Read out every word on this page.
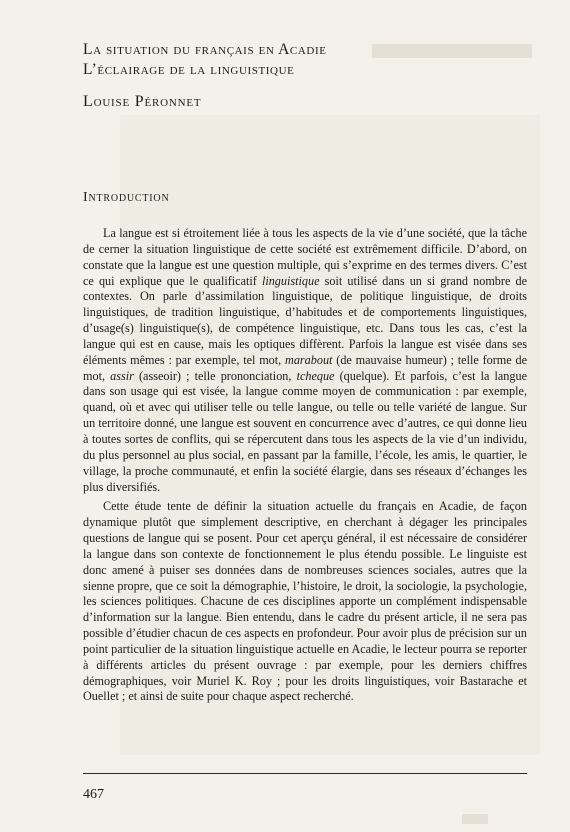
La situation du français en Acadie
L’éclairage de la linguistique
Louise Péronnet
Introduction

La langue est si étroitement liée à tous les aspects de la vie d’une société, que la tâche de cerner la situation linguistique de cette société est extrêmement difficile. D’abord, on constate que la langue est une question multiple, qui s’exprime en des termes divers. C’est ce qui explique que le qualificatif linguistique soit utilisé dans un si grand nombre de contextes. On parle d’assimilation linguistique, de politique linguistique, de droits linguistiques, de tradition linguistique, d’habitudes et de comportements linguistiques, d’usage(s) linguistique(s), de compétence linguistique, etc. Dans tous les cas, c’est la langue qui est en cause, mais les optiques diffèrent. Parfois la langue est visée dans ses éléments mêmes : par exemple, tel mot, marabout (de mauvaise humeur) ; telle forme de mot, assir (asseoir) ; telle prononciation, tcheque (quelque). Et parfois, c’est la langue dans son usage qui est visée, la langue comme moyen de communication : par exemple, quand, où et avec qui utiliser telle ou telle langue, ou telle ou telle variété de langue. Sur un territoire donné, une langue est souvent en concurrence avec d’autres, ce qui donne lieu à toutes sortes de conflits, qui se répercutent dans tous les aspects de la vie d’un individu, du plus personnel au plus social, en passant par la famille, l’école, les amis, le quartier, le village, la proche communauté, et enfin la société élargie, dans ses réseaux d’échanges les plus diversifiés.

Cette étude tente de définir la situation actuelle du français en Acadie, de façon dynamique plutôt que simplement descriptive, en cherchant à dégager les principales questions de langue qui se posent. Pour cet aperçu général, il est nécessaire de considérer la langue dans son contexte de fonctionnement le plus étendu possible. Le linguiste est donc amené à puiser ses données dans de nombreuses sciences sociales, autres que la sienne propre, que ce soit la démographie, l’histoire, le droit, la sociologie, la psychologie, les sciences politiques. Chacune de ces disciplines apporte un complément indispensable d’information sur la langue. Bien entendu, dans le cadre du présent article, il ne sera pas possible d’étudier chacun de ces aspects en profondeur. Pour avoir plus de précision sur un point particulier de la situation linguistique actuelle en Acadie, le lecteur pourra se reporter à différents articles du présent ouvrage : par exemple, pour les derniers chiffres démographiques, voir Muriel K. Roy ; pour les droits linguistiques, voir Bastarache et Ouellet ; et ainsi de suite pour chaque aspect recherché.

467
